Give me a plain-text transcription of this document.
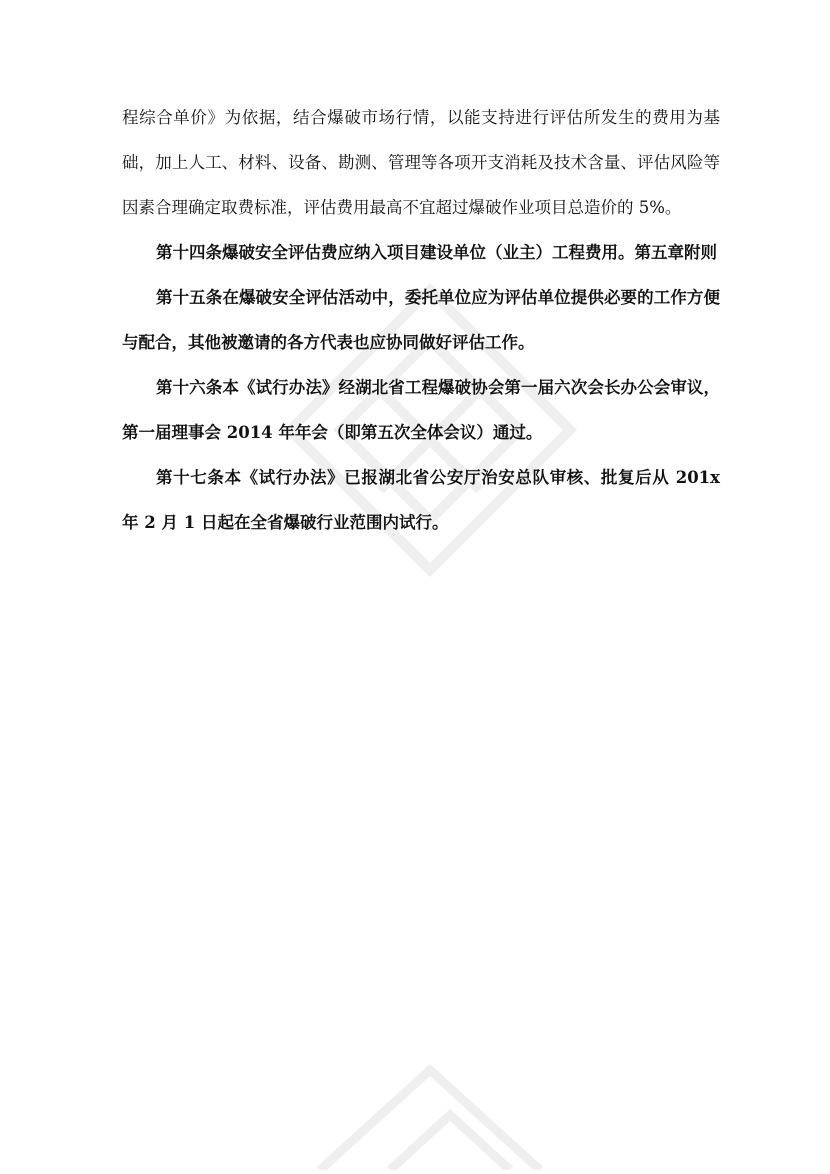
程综合单价》为依据，结合爆破市场行情，以能支持进行评估所发生的费用为基础，加上人工、材料、设备、勘测、管理等各项开支消耗及技术含量、评估风险等因素合理确定取费标准，评估费用最高不宜超过爆破作业项目总造价的 5%。

第十四条爆破安全评估费应纳入项目建设单位（业主）工程费用。第五章附则

第十五条在爆破安全评估活动中，委托单位应为评估单位提供必要的工作方便与配合，其他被邀请的各方代表也应协同做好评估工作。

第十六条本《试行办法》经湖北省工程爆破协会第一届六次会长办公会审议，第一届理事会 2014 年年会（即第五次全体会议）通过。

第十七条本《试行办法》已报湖北省公安厅治安总队审核、批复后从 201x 年 2 月 1 日起在全省爆破行业范围内试行。
